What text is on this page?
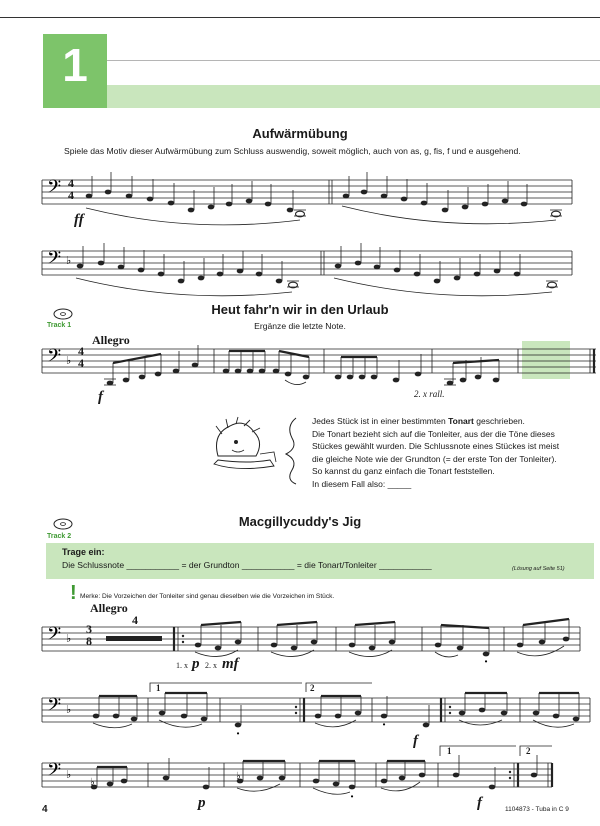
1
Aufwärmübung
Spiele das Motiv dieser Aufwärmübung zum Schluss auswendig, soweit möglich, auch von as, g, fis, f und e ausgehend.
𝄢 4
4
ff
𝄢 ♭
Track 1
Heut fahr'n wir in den Urlaub
Ergänze die letzte Note.
Allegro
𝄢 ♭
4
4
f	2. x rall.
Jedes Stück ist in einer bestimmten Tonart geschrieben.
Die Tonart bezieht sich auf die Tonleiter, aus der die Töne dieses
Stückes gewählt wurden. Die Schlussnote eines Stückes ist meist
die gleiche Note wie der Grundton (= der erste Ton der Tonleiter).
So kannst du ganz einfach die Tonart feststellen.
In diesem Fall also: _____
Track 2
Macgillycuddy's Jig
Trage ein:
Die Schlussnote ___________ = der Grundton ___________ = die Tonart/Tonleiter ___________	(Lösung auf Seite 51)
! Merke: Die Vorzeichen der Tonleiter sind genau dieselben wie die Vorzeichen im Stück.
Allegro
4
𝄢 ♭
•
3
8
1. x p 2. x mf
𝄢 ♭
•
•
1	2
f
𝄢 ♭
♭
♭
•
1	2
p	f
4	1104873 - Tuba in C 9
